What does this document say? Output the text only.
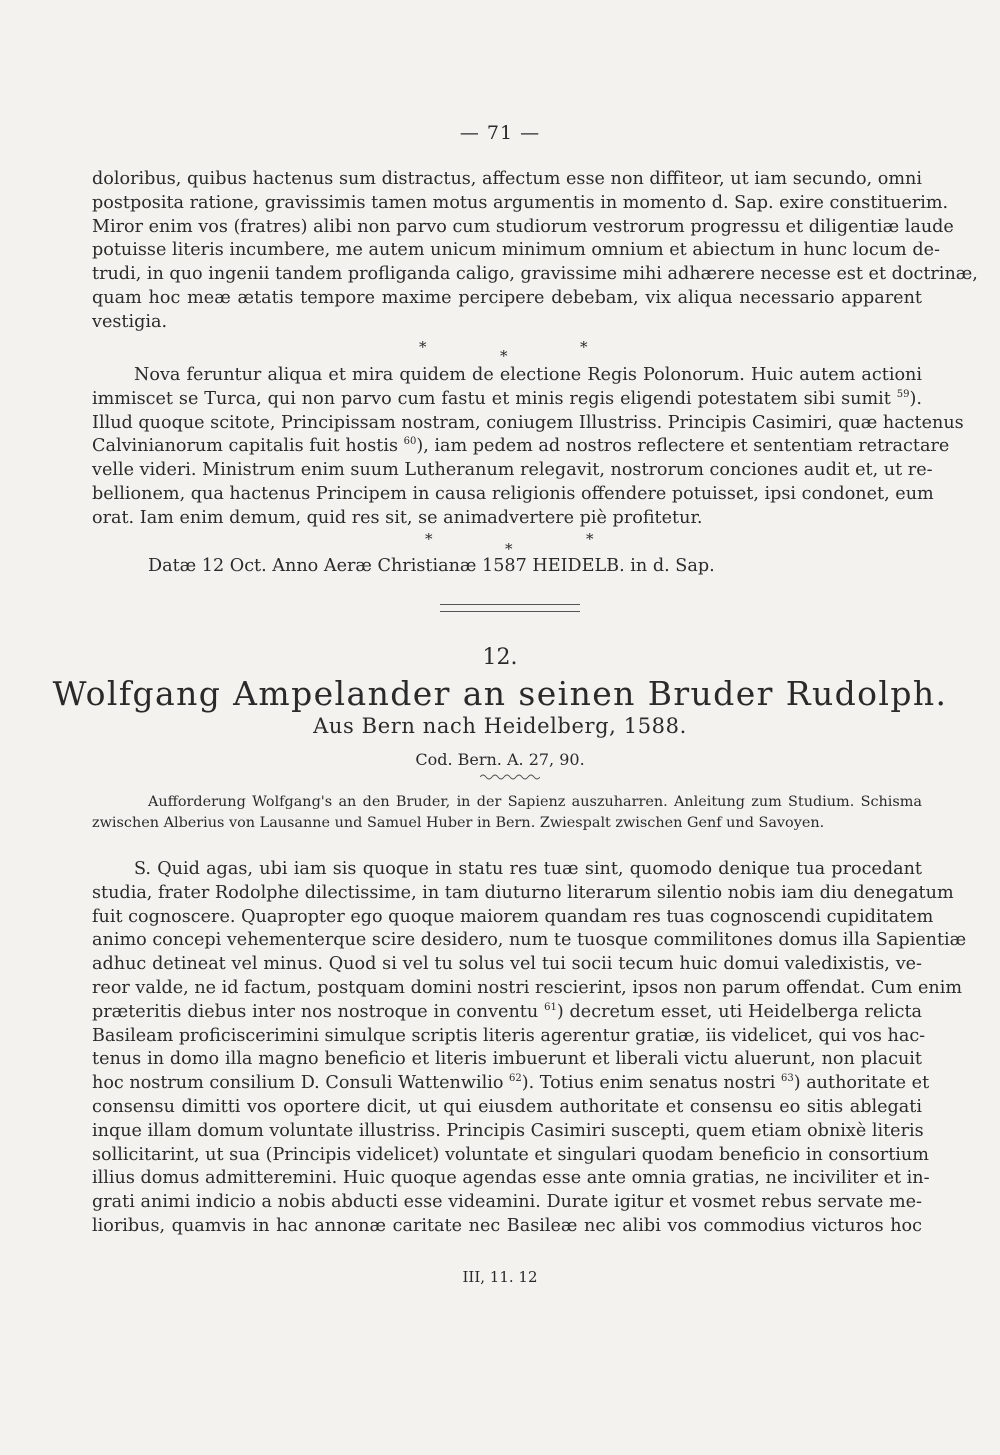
— 71 —
doloribus, quibus hactenus sum distractus, affectum esse non diffiteor, ut iam secundo, omni
postposita ratione, gravissimis tamen motus argumentis in momento d. Sap. exire constituerim.
Miror enim vos (fratres) alibi non parvo cum studiorum vestrorum progressu et diligentiæ laude
potuisse literis incumbere, me autem unicum minimum omnium et abiectum in hunc locum de-
trudi, in quo ingenii tandem profliganda caligo, gravissime mihi adhærere necesse est et doctrinæ,
quam hoc meæ ætatis tempore maxime percipere debebam, vix aliqua necessario apparent
vestigia.
*	*	*
Nova feruntur aliqua et mira quidem de electione Regis Polonorum. Huic autem actioni
immiscet se Turca, qui non parvo cum fastu et minis regis eligendi potestatem sibi sumit $^{59}$).
Illud quoque scitote, Principissam nostram, coniugem Illustriss. Principis Casimiri, quæ hactenus
Calvinianorum capitalis fuit hostis $^{60}$), iam pedem ad nostros reflectere et sententiam retractare
velle videri. Ministrum enim suum Lutheranum relegavit, nostrorum conciones audit et, ut re-
bellionem, qua hactenus Principem in causa religionis offendere potuisset, ipsi condonet, eum
orat. Iam enim demum, quid res sit, se animadvertere piè profitetur.
*
*
*
Datæ 12 Oct. Anno Aeræ Christianæ 1587 HEIDELB. in d. Sap.
12.
Wolfgang Ampelander an seinen Bruder Rudolph.
Aus Bern nach Heidelberg, 1588.
Cod. Bern. A. 27, 90.
Aufforderung Wolfgang's an den Bruder, in der Sapienz auszuharren. Anleitung zum Studium. Schisma
zwischen Alberius von Lausanne und Samuel Huber in Bern. Zwiespalt zwischen Genf und Savoyen.
S. Quid agas, ubi iam sis quoque in statu res tuæ sint, quomodo denique tua procedant
studia, frater Rodolphe dilectissime, in tam diuturno literarum silentio nobis iam diu denegatum
fuit cognoscere. Quapropter ego quoque maiorem quandam res tuas cognoscendi cupiditatem
animo concepi vehementerque scire desidero, num te tuosque commilitones domus illa Sapientiæ
adhuc detineat vel minus. Quod si vel tu solus vel tui socii tecum huic domui valedixistis, ve-
reor valde, ne id factum, postquam domini nostri rescierint, ipsos non parum offendat. Cum enim
præteritis diebus inter nos nostroque in conventu $^{61}$) decretum esset, uti Heidelberga relicta
Basileam proficiscerimini simulque scriptis literis agerentur gratiæ, iis videlicet, qui vos hac-
tenus in domo illa magno beneficio et literis imbuerunt et liberali victu aluerunt, non placuit
hoc nostrum consilium D. Consuli Wattenwilio $^{62}$). Totius enim senatus nostri $^{63}$) authoritate et
consensu dimitti vos oportere dicit, ut qui eiusdem authoritate et consensu eo sitis ablegati
inque illam domum voluntate illustriss. Principis Casimiri suscepti, quem etiam obnixè literis
sollicitarint, ut sua (Principis videlicet) voluntate et singulari quodam beneficio in consortium
illius domus admitteremini. Huic quoque agendas esse ante omnia gratias, ne inciviliter et in-
grati animi indicio a nobis abducti esse videamini. Durate igitur et vosmet rebus servate me-
lioribus, quamvis in hac annonæ caritate nec Basileæ nec alibi vos commodius victuros hoc
III, 11. 12
